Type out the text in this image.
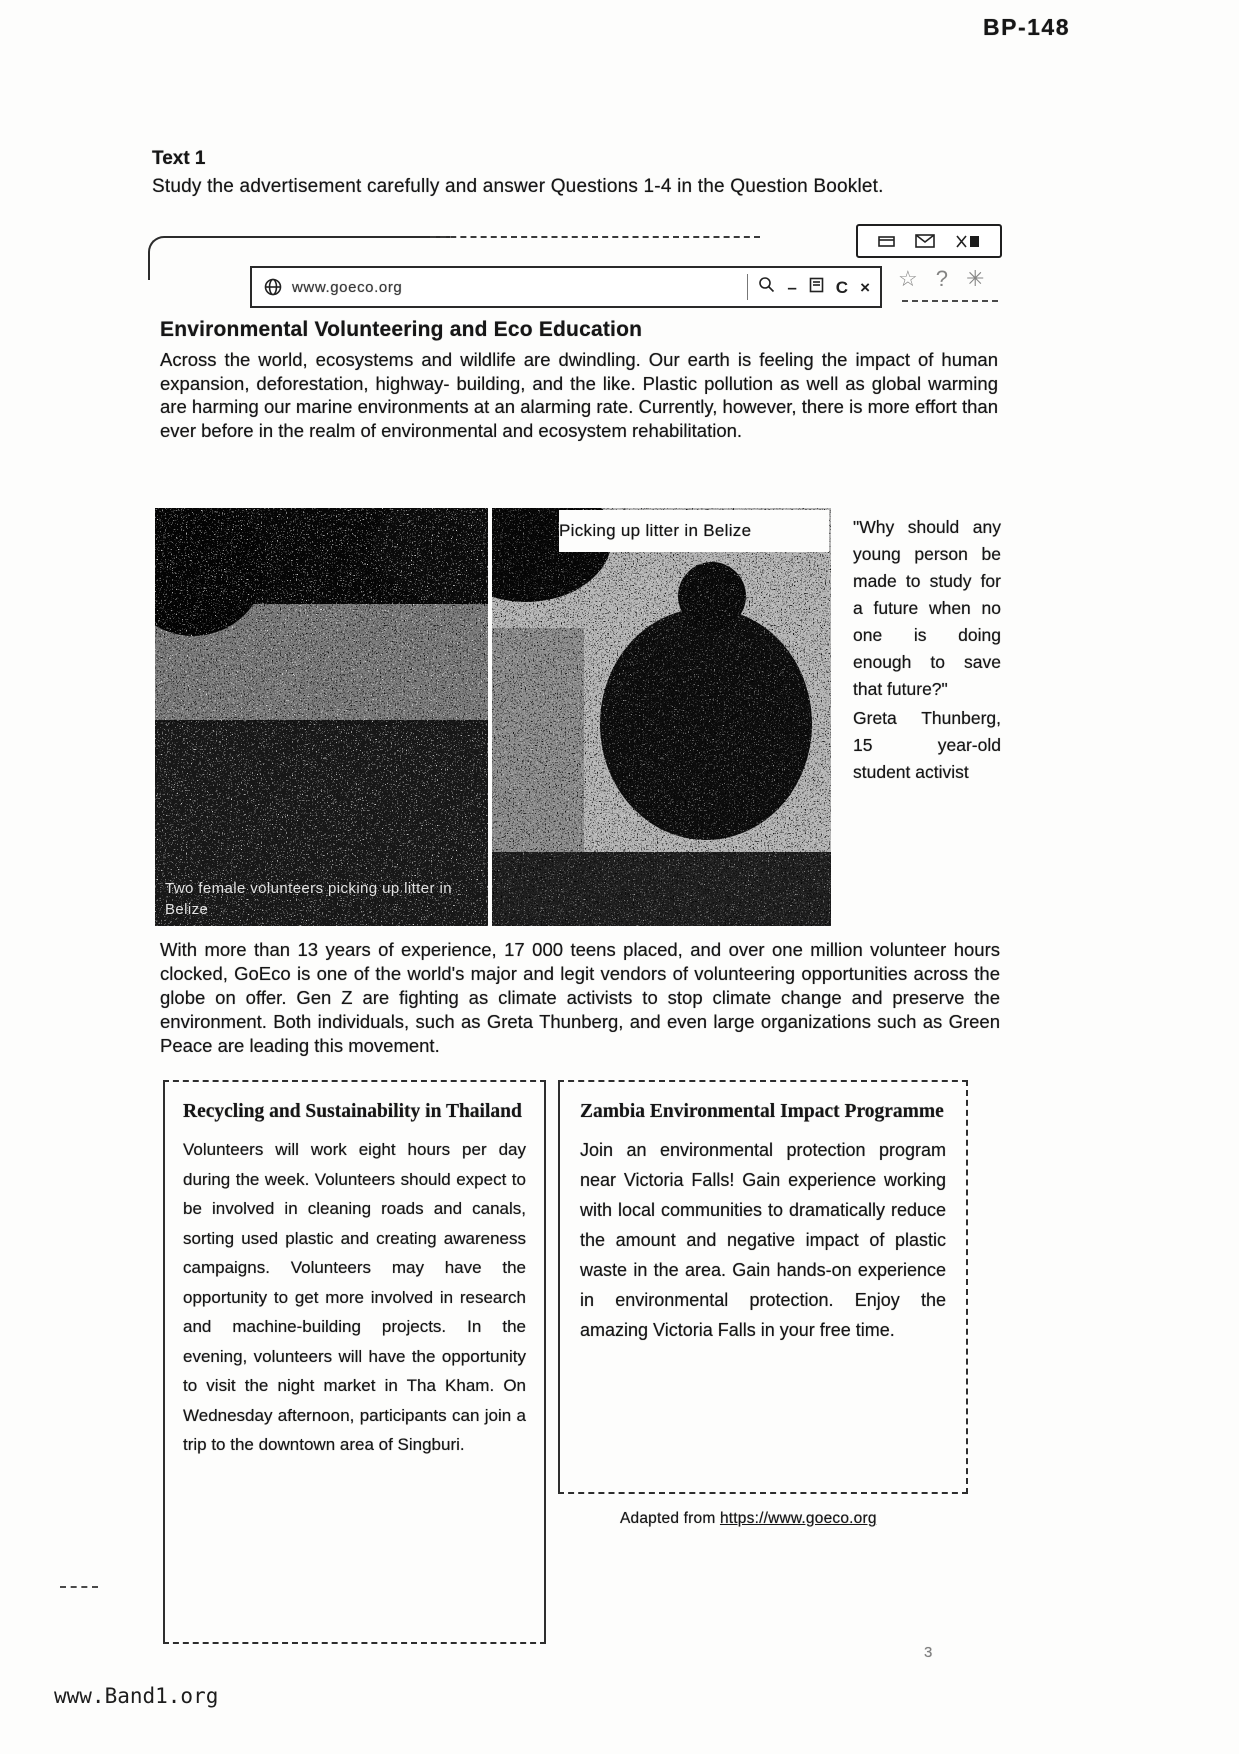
BP-148
Text 1
Study the advertisement carefully and answer Questions 1-4 in the Question Booklet.
www.goeco.org	– C × ☆ ? ✳
Environmental Volunteering and Eco Education

Across the world, ecosystems and wildlife are dwindling. Our earth is feeling the impact of human expansion, deforestation, highway- building, and the like. Plastic pollution as well as global warming are harming our marine environments at an alarming rate. Currently, however, there is more effort than ever before in the realm of environmental and ecosystem rehabilitation.

Two female volunteers picking up litter in Belize
Picking up litter in Belize	"Why should any young person be made to study for a future when no one is doing enough to save that future?"
Greta Thunberg, 15 year-old student activist

With more than 13 years of experience, 17 000 teens placed, and over one million volunteer hours clocked, GoEco is one of the world's major and legit vendors of volunteering opportunities across the globe on offer. Gen Z are fighting as climate activists to stop climate change and preserve the environment. Both individuals, such as Greta Thunberg, and even large organizations such as Green Peace are leading this movement.

Recycling and Sustainability in Thailand
Volunteers will work eight hours per day during the week. Volunteers should expect to be involved in cleaning roads and canals, sorting used plastic and creating awareness campaigns. Volunteers may have the opportunity to get more involved in research and machine-building projects. In the evening, volunteers will have the opportunity to visit the night market in Tha Kham. On Wednesday afternoon, participants can join a trip to the downtown area of Singburi.
Zambia Environmental Impact Programme
Join an environmental protection program near Victoria Falls! Gain experience working with local communities to dramatically reduce the amount and negative impact of plastic waste in the area. Gain hands-on experience in environmental protection. Enjoy the amazing Victoria Falls in your free time.
Adapted from https://www.goeco.org
3
www.Band1.org
